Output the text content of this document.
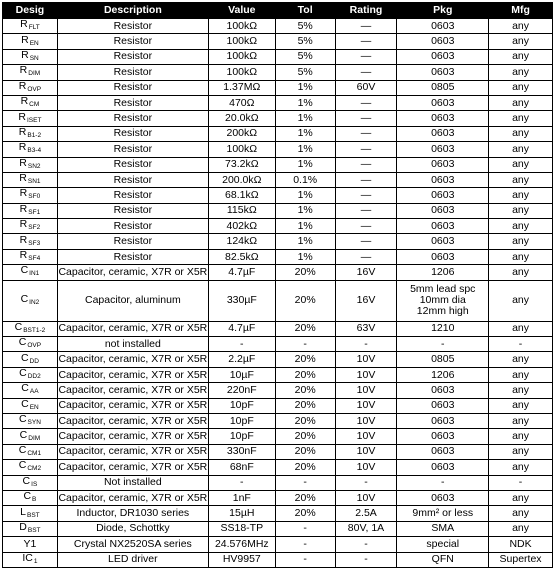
Desig	Description	Value	Tol	Rating	Pkg	Mfg
RFLT	Resistor	100kΩ	5%	—	0603	any
REN	Resistor	100kΩ	5%	—	0603	any
RSN	Resistor	100kΩ	5%	—	0603	any
RDIM	Resistor	100kΩ	5%	—	0603	any
ROVP	Resistor	1.37MΩ	1%	60V	0805	any
RCM	Resistor	470Ω	1%	—	0603	any
RISET	Resistor	20.0kΩ	1%	—	0603	any
RB1-2	Resistor	200kΩ	1%	—	0603	any
RB3-4	Resistor	100kΩ	1%	—	0603	any
RSN2	Resistor	73.2kΩ	1%	—	0603	any
RSN1	Resistor	200.0kΩ	0.1%	—	0603	any
RSF0	Resistor	68.1kΩ	1%	—	0603	any
RSF1	Resistor	115kΩ	1%	—	0603	any
RSF2	Resistor	402kΩ	1%	—	0603	any
RSF3	Resistor	124kΩ	1%	—	0603	any
RSF4	Resistor	82.5kΩ	1%	—	0603	any
CIN1	Capacitor, ceramic, X7R or X5R	4.7µF	20%	16V	1206	any
CIN2	Capacitor, aluminum	330µF	20%	16V	5mm lead spc
10mm dia
12mm high	any
CBST1-2	Capacitor, ceramic, X7R or X5R	4.7µF	20%	63V	1210	any
COVP	not installed	-	-	-	-	-
CDD	Capacitor, ceramic, X7R or X5R	2.2µF	20%	10V	0805	any
CDD2	Capacitor, ceramic, X7R or X5R	10µF	20%	10V	1206	any
CAA	Capacitor, ceramic, X7R or X5R	220nF	20%	10V	0603	any
CEN	Capacitor, ceramic, X7R or X5R	10pF	20%	10V	0603	any
CSYN	Capacitor, ceramic, X7R or X5R	10pF	20%	10V	0603	any
CDIM	Capacitor, ceramic, X7R or X5R	10pF	20%	10V	0603	any
CCM1	Capacitor, ceramic, X7R or X5R	330nF	20%	10V	0603	any
CCM2	Capacitor, ceramic, X7R or X5R	68nF	20%	10V	0603	any
CIS	Not installed	-	-	-	-	-
CB	Capacitor, ceramic, X7R or X5R	1nF	20%	10V	0603	any
LBST	Inductor, DR1030 series	15µH	20%	2.5A	9mm² or less	any
DBST	Diode, Schottky	SS18-TP	-	80V, 1A	SMA	any
Y1	Crystal NX2520SA series	24.576MHz	-	-	special	NDK
IC1	LED driver	HV9957	-	-	QFN	Supertex
